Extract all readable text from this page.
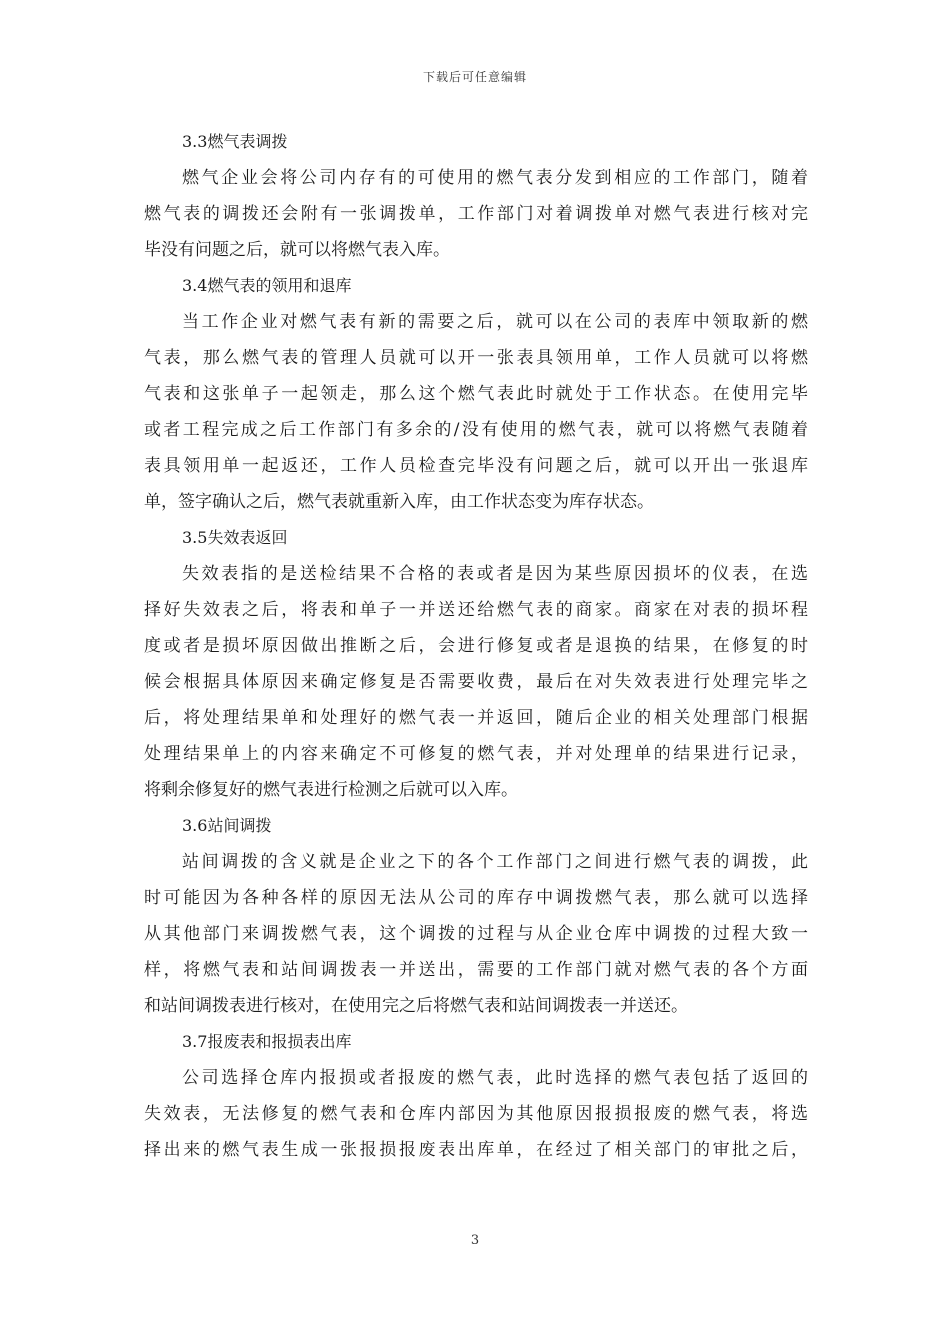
下载后可任意编辑
3.3燃气表调拨

燃气企业会将公司内存有的可使用的燃气表分发到相应的工作部门，随着
燃气表的调拨还会附有一张调拨单，工作部门对着调拨单对燃气表进行核对完
毕没有问题之后，就可以将燃气表入库。

3.4燃气表的领用和退库

当工作企业对燃气表有新的需要之后，就可以在公司的表库中领取新的燃
气表，那么燃气表的管理人员就可以开一张表具领用单，工作人员就可以将燃
气表和这张单子一起领走，那么这个燃气表此时就处于工作状态。在使用完毕
或者工程完成之后工作部门有多余的/没有使用的燃气表，就可以将燃气表随着
表具领用单一起返还，工作人员检查完毕没有问题之后，就可以开出一张退库
单，签字确认之后，燃气表就重新入库，由工作状态变为库存状态。

3.5失效表返回

失效表指的是送检结果不合格的表或者是因为某些原因损坏的仪表，在选
择好失效表之后，将表和单子一并送还给燃气表的商家。商家在对表的损坏程
度或者是损坏原因做出推断之后，会进行修复或者是退换的结果，在修复的时
候会根据具体原因来确定修复是否需要收费，最后在对失效表进行处理完毕之
后，将处理结果单和处理好的燃气表一并返回，随后企业的相关处理部门根据
处理结果单上的内容来确定不可修复的燃气表，并对处理单的结果进行记录，
将剩余修复好的燃气表进行检测之后就可以入库。

3.6站间调拨

站间调拨的含义就是企业之下的各个工作部门之间进行燃气表的调拨，此
时可能因为各种各样的原因无法从公司的库存中调拨燃气表，那么就可以选择
从其他部门来调拨燃气表，这个调拨的过程与从企业仓库中调拨的过程大致一
样，将燃气表和站间调拨表一并送出，需要的工作部门就对燃气表的各个方面
和站间调拨表进行核对，在使用完之后将燃气表和站间调拨表一并送还。

3.7报废表和报损表出库

公司选择仓库内报损或者报废的燃气表，此时选择的燃气表包括了返回的
失效表，无法修复的燃气表和仓库内部因为其他原因报损报废的燃气表，将选
择出来的燃气表生成一张报损报废表出库单，在经过了相关部门的审批之后，

3
